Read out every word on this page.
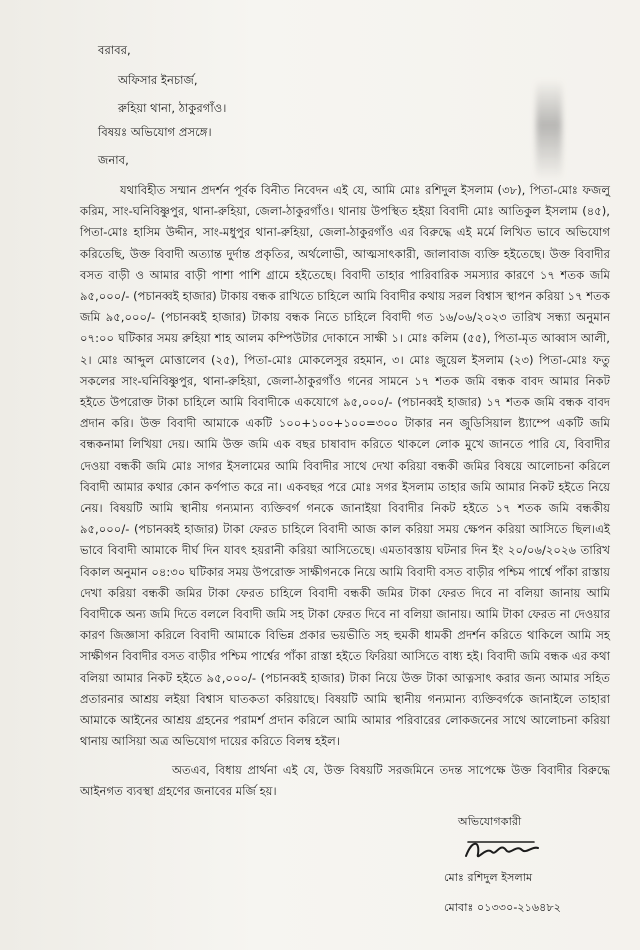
বরাবর,
অফিসার ইনচার্জ,
রুহিয়া থানা, ঠাকুরগাঁও।
বিষয়ঃ অভিযোগ প্রসঙ্গে।
জনাব,
যথাবিহীত সম্মান প্রদর্শন পূর্বক বিনীত নিবেদন এই যে, আমি মোঃ রশিদুল ইসলাম (৩৮), পিতা-মোঃ ফজলু করিম, সাং-ঘনিবিষ্ণুপুর, থানা-রুহিয়া, জেলা-ঠাকুরগাঁও। থানায় উপস্থিত হইয়া বিবাদী মোঃ আতিকুল ইসলাম (৪৫), পিতা-মোঃ হাসিম উদ্দীন, সাং-মধুপুর থানা-রুহিয়া, জেলা-ঠাকুরগাঁও এর বিরুদ্ধে এই মর্মে লিখিত ভাবে অভিযোগ করিতেছি, উক্ত বিবাদী অত্যান্ত দুর্দান্ত প্রকৃতির, অর্থলোভী, আত্মসাৎকারী, জালাবাজ ব্যক্তি হইতেছে। উক্ত বিবাদীর বসত বাড়ী ও আমার বাড়ী পাশা পাশি গ্রামে হইতেছে। বিবাদী তাহার পারিবারিক সমস্যার কারণে ১৭ শতক জমি ৯৫,০০০/- (পচানব্বই হাজার) টাকায় বন্ধক রাখিতে চাহিলে আমি বিবাদীর কথায় সরল বিশ্বাস স্থাপন করিয়া ১৭ শতক জমি ৯৫,০০০/- (পচানব্বই হাজার) টাকায় বন্ধক নিতে চাহিলে বিবাদী গত ১৬/০৬/২০২৩ তারিখ সন্ধ্যা অনুমান ০৭:০০ ঘটিকার সময় রুহিয়া শাহ আলম কম্পিউটার দোকানে সাক্ষী ১। মোঃ কলিম (৫৫), পিতা-মৃত আব্বাস আলী, ২। মোঃ আব্দুল মোত্তালেব (২৫), পিতা-মোঃ মোকলেসুর রহমান, ৩। মোঃ জুয়েল ইসলাম (২৩) পিতা-মোঃ ফতু সকলের সাং-ঘনিবিষ্ণুপুর, থানা-রুহিয়া, জেলা-ঠাকুরগাঁও গনের সামনে ১৭ শতক জমি বন্ধক বাবদ আমার নিকট হইতে উপরোক্ত টাকা চাহিলে আমি বিবাদীকে একযোগে ৯৫,০০০/- (পচানব্বই হাজার) ১৭ শতক জমি বন্ধক বাবদ প্রদান করি। উক্ত বিবাদী আমাকে একটি ১০০+১০০+১০০=৩০০ টাকার নন জুডিসিয়াল ষ্ট্যাম্পে একটি জমি বন্ধকনামা লিখিয়া দেয়। আমি উক্ত জমি এক বছর চাষাবাদ করিতে থাকলে লোক মুখে জানতে পারি যে, বিবাদীর দেওয়া বন্ধকী জমি মোঃ সাগর ইসলামের আমি বিবাদীর সাথে দেখা করিয়া বন্ধকী জমির বিষয়ে আলোচনা করিলে বিবাদী আমার কথার কোন কর্ণপাত করে না। একবছর পরে মোঃ সগর ইসলাম তাহার জমি আমার নিকট হইতে নিয়ে নেয়। বিষয়টি আমি স্থানীয় গন্যমান্য ব্যক্তিবর্গ গনকে জানাইয়া বিবাদীর নিকট হইতে ১৭ শতক জমি বন্ধকীয় ৯৫,০০০/- (পচানব্বই হাজার) টাকা ফেরত চাহিলে বিবাদী আজ কাল করিয়া সময় ক্ষেপন করিয়া আসিতে ছিল।এই ভাবে বিবাদী আমাকে দীর্ঘ দিন যাবৎ হয়রানী করিয়া আসিতেছে। এমতাবস্তায় ঘটনার দিন ইং ২০/০৬/২০২৬ তারিখ বিকাল অনুমান ০৪:৩০ ঘটিকার সময় উপরোক্ত সাক্ষীগনকে নিয়ে আমি বিবাদী বসত বাড়ীর পশ্চিম পার্শ্বে পাঁকা রাস্তায় দেখা করিয়া বন্ধকী জমির টাকা ফেরত চাহিলে বিবাদী বন্ধকী জমির টাকা ফেরত দিবে না বলিয়া জানায় আমি বিবাদীকে অন্য জমি দিতে বললে বিবাদী জমি সহ টাকা ফেরত দিবে না বলিয়া জানায়। আমি টাকা ফেরত না দেওয়ার কারণ জিজ্ঞাসা করিলে বিবাদী আমাকে বিভিন্ন প্রকার ভয়ভীতি সহ হুমকী ধামকী প্রদর্শন করিতে থাকিলে আমি সহ সাক্ষীগন বিবাদীর বসত বাড়ীর পশ্চিম পার্শ্বের পাঁকা রাস্তা হইতে ফিরিয়া আসিতে বাধ্য হই। বিবাদী জমি বন্ধক এর কথা বলিয়া আমার নিকট হইতে ৯৫,০০০/- (পচানব্বই হাজার) টাকা নিয়ে উক্ত টাকা আত্নসাৎ করার জন্য আমার সহিত প্রতারনার আশ্রয় লইয়া বিশ্বাস ঘাতকতা করিয়াছে। বিষয়টি আমি স্থানীয় গন্যমান্য ব্যক্তিবর্গকে জানাইলে তাহারা আমাকে আইনের আশ্রয় গ্রহনের পরামর্শ প্রদান করিলে আমি আমার পরিবারের লোকজনের সাথে আলোচনা করিয়া থানায় আসিয়া অত্র অভিযোগ দায়ের করিতে বিলম্ব হইল।
অতএব, বিধায় প্রার্থনা এই যে, উক্ত বিষয়টি সরজমিনে তদন্ত সাপেক্ষে উক্ত বিবাদীর বিরুদ্ধে আইনগত ব্যবস্থা গ্রহণের জনাবের মর্জি হয়।
অভিযোগকারী
মোঃ রশিদুল ইসলাম
মোবাঃ ০১৩৩০-২১৬৪৮২
